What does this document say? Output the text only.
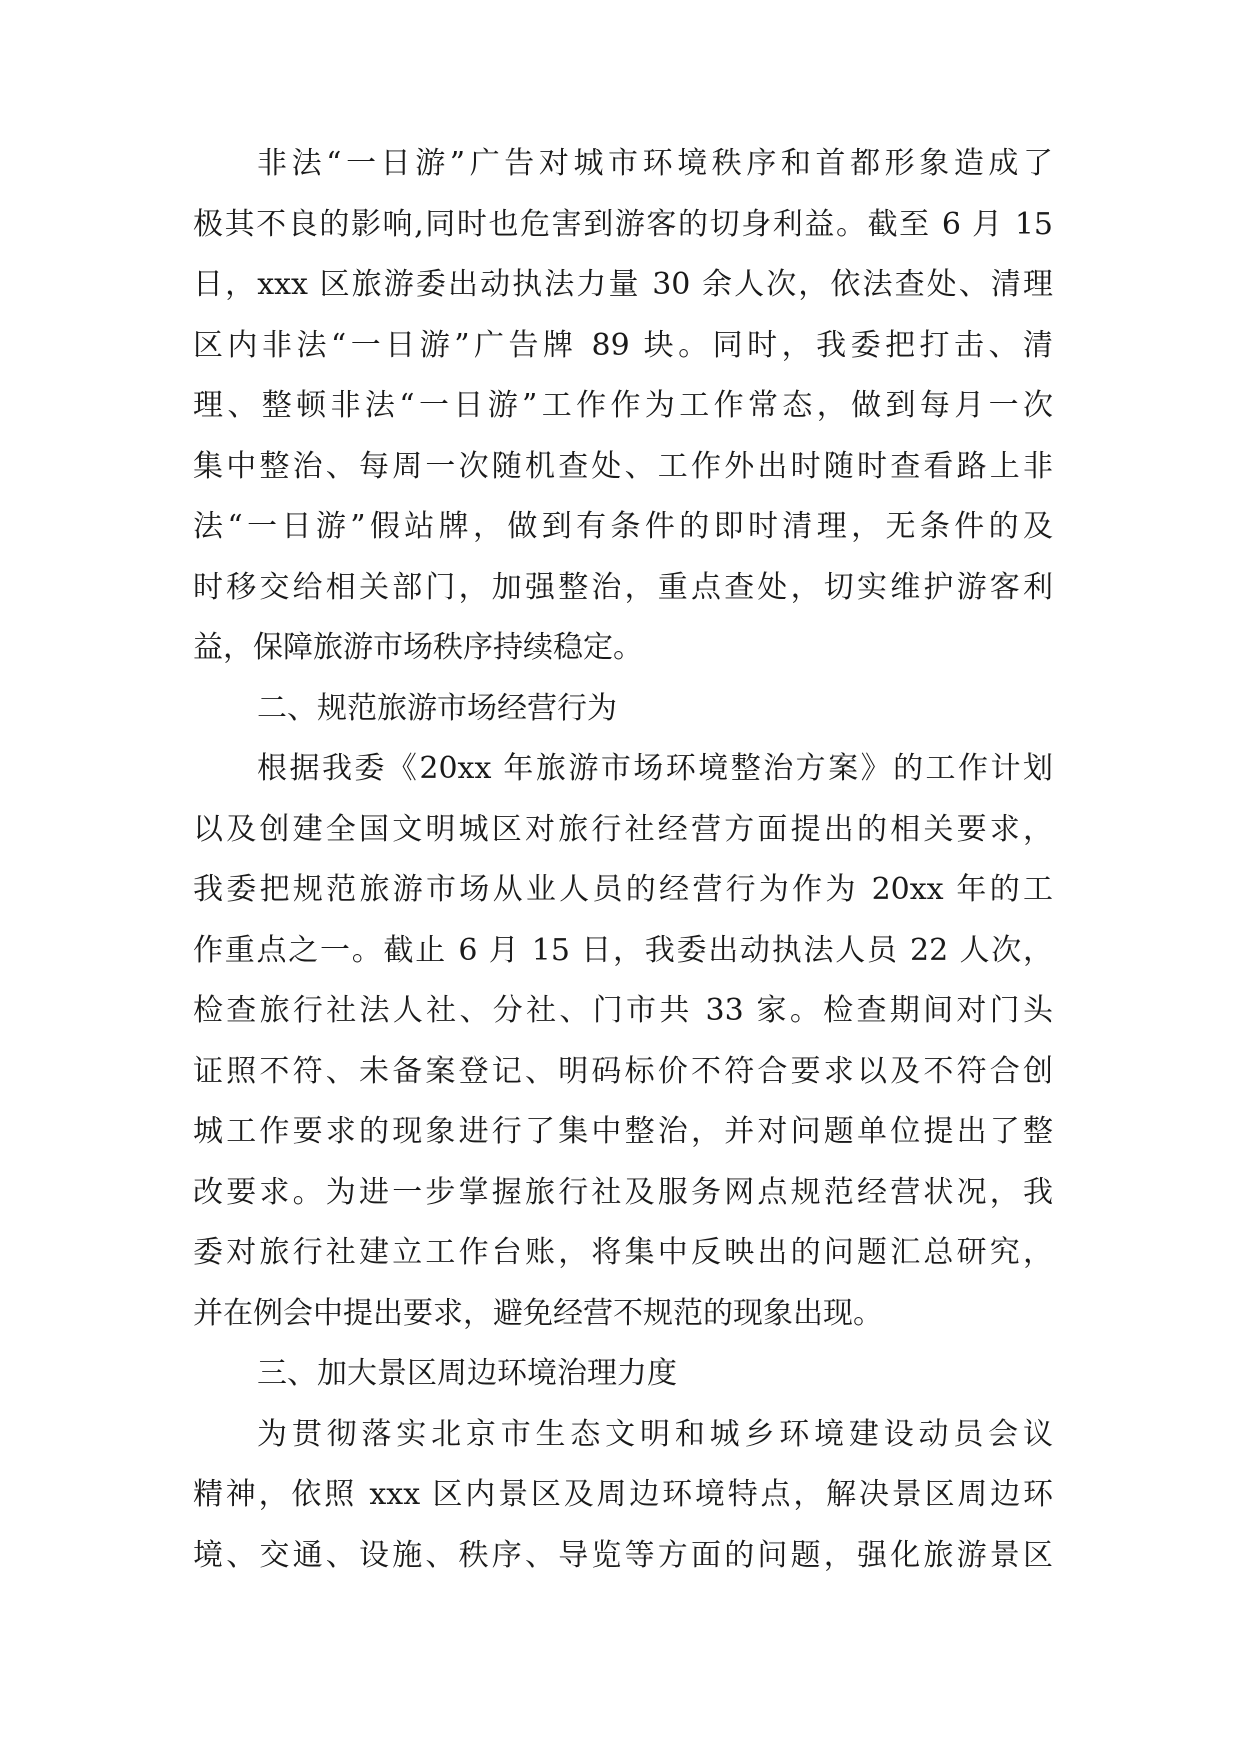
非法“一日游”广告对城市环境秩序和首都形象造成了
极其不良的影响,同时也危害到游客的切身利益。截至 6 月 15
日，xxx 区旅游委出动执法力量 30 余人次，依法查处、清理
区内非法“一日游”广告牌 89 块。同时，我委把打击、清
理、整顿非法“一日游”工作作为工作常态，做到每月一次
集中整治、每周一次随机查处、工作外出时随时查看路上非
法“一日游”假站牌，做到有条件的即时清理，无条件的及
时移交给相关部门，加强整治，重点查处，切实维护游客利
益，保障旅游市场秩序持续稳定。
二、规范旅游市场经营行为
根据我委《20xx 年旅游市场环境整治方案》的工作计划
以及创建全国文明城区对旅行社经营方面提出的相关要求，
我委把规范旅游市场从业人员的经营行为作为 20xx 年的工
作重点之一。截止 6 月 15 日，我委出动执法人员 22 人次，
检查旅行社法人社、分社、门市共 33 家。检查期间对门头
证照不符、未备案登记、明码标价不符合要求以及不符合创
城工作要求的现象进行了集中整治，并对问题单位提出了整
改要求。为进一步掌握旅行社及服务网点规范经营状况，我
委对旅行社建立工作台账，将集中反映出的问题汇总研究，
并在例会中提出要求，避免经营不规范的现象出现。
三、加大景区周边环境治理力度
为贯彻落实北京市生态文明和城乡环境建设动员会议
精神，依照 xxx 区内景区及周边环境特点，解决景区周边环
境、交通、设施、秩序、导览等方面的问题，强化旅游景区
